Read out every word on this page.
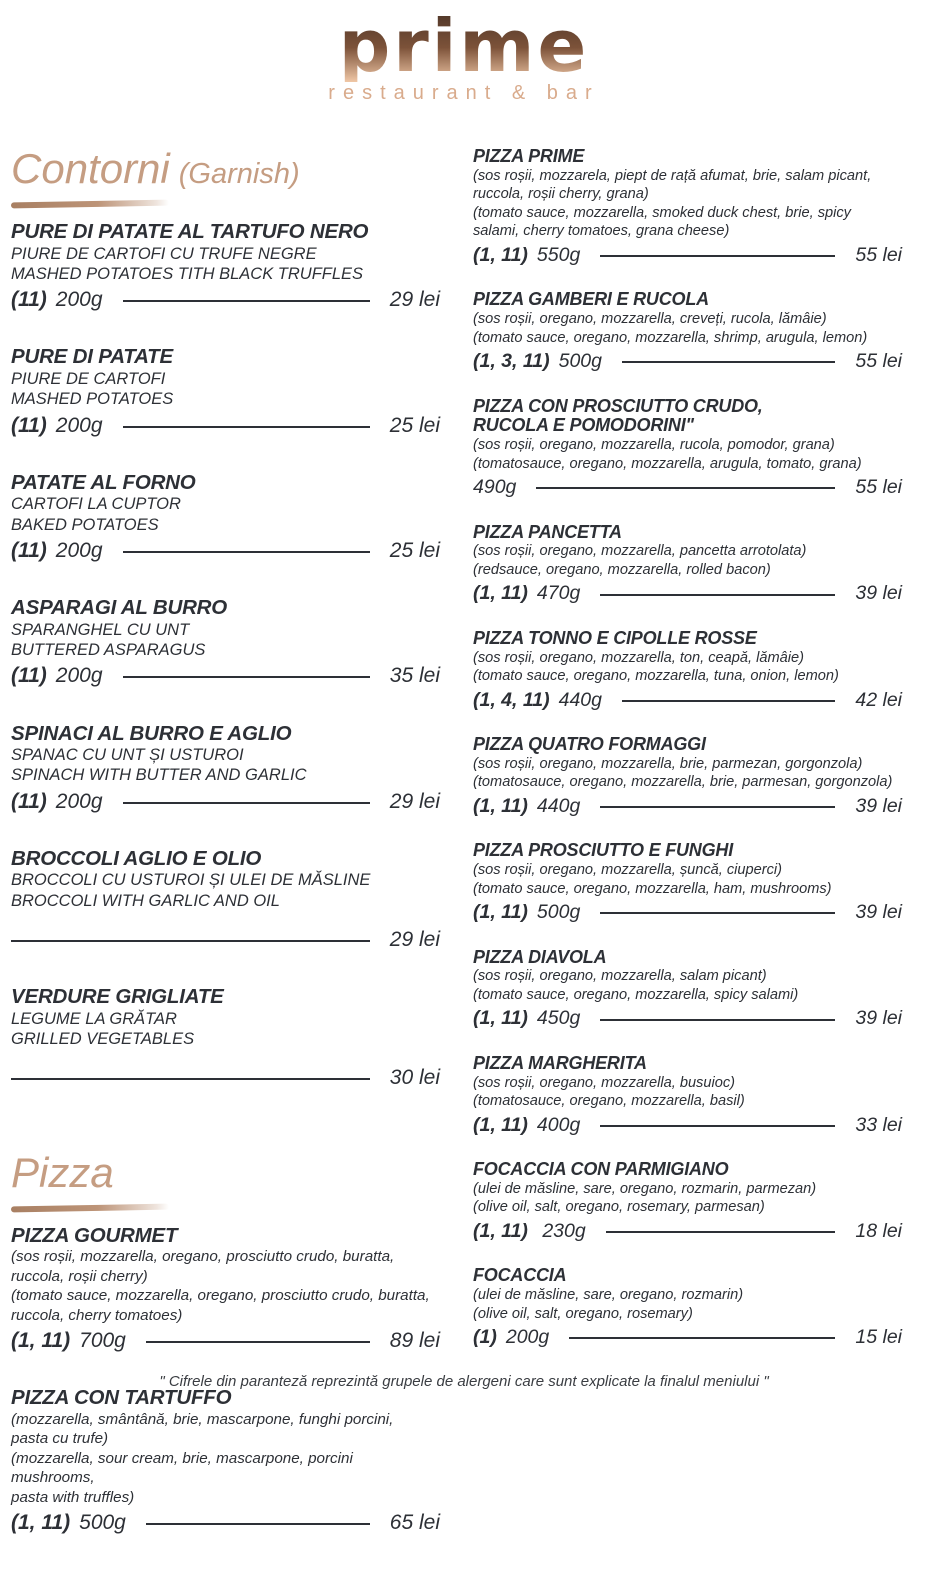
prime
restaurant & bar
Contorni (Garnish)
PURE DI PATATE AL TARTUFO NERO
PIURE DE CARTOFI CU TRUFE NEGRE
MASHED POTATOES TITH BLACK TRUFFLES
(11) 200g	29 lei
PURE DI PATATE
PIURE DE CARTOFI
MASHED POTATOES
(11) 200g	25 lei
PATATE AL FORNO
CARTOFI LA CUPTOR
BAKED POTATOES
(11) 200g	25 lei
ASPARAGI AL BURRO
SPARANGHEL CU UNT
BUTTERED ASPARAGUS
(11) 200g	35 lei
SPINACI AL BURRO E AGLIO
SPANAC CU UNT ȘI USTUROI
SPINACH WITH BUTTER AND GARLIC
(11) 200g	29 lei
BROCCOLI AGLIO E OLIO
BROCCOLI CU USTUROI ȘI ULEI DE MĂSLINE
BROCCOLI WITH GARLIC AND OIL
29 lei
VERDURE GRIGLIATE
LEGUME LA GRĂTAR
GRILLED VEGETABLES
30 lei
Pizza
PIZZA GOURMET
(sos roșii, mozzarella, oregano, prosciutto crudo, buratta,
ruccola, roșii cherry)
(tomato sauce, mozzarella, oregano, prosciutto crudo, buratta,
ruccola, cherry tomatoes)
(1, 11) 700g	89 lei
PIZZA CON TARTUFFO
(mozzarella, smântână, brie, mascarpone, funghi porcini,
pasta cu trufe)
(mozzarella, sour cream, brie, mascarpone, porcini mushrooms,
pasta with truffles)
(1, 11) 500g	65 lei
PIZZA PRIME
(sos roșii, mozzarela, piept de rață afumat, brie, salam picant,
ruccola, roșii cherry, grana)
(tomato sauce, mozzarella, smoked duck chest, brie, spicy
salami, cherry tomatoes, grana cheese)
(1, 11) 550g	55 lei
PIZZA GAMBERI E RUCOLA
(sos roșii, oregano, mozzarella, creveți, rucola, lămâie)
(tomato sauce, oregano, mozzarella, shrimp, arugula, lemon)
(1, 3, 11) 500g	55 lei
PIZZA CON PROSCIUTTO CRUDO,
RUCOLA E POMODORINI"
(sos roșii, oregano, mozzarella, rucola, pomodor, grana)
(tomatosauce, oregano, mozzarella, arugula, tomato, grana)
490g	55 lei
PIZZA PANCETTA
(sos roșii, oregano, mozzarella, pancetta arrotolata)
(redsauce, oregano, mozzarella, rolled bacon)
(1, 11) 470g	39 lei
PIZZA TONNO E CIPOLLE ROSSE
(sos roșii, oregano, mozzarella, ton, ceapă, lămâie)
(tomato sauce, oregano, mozzarella, tuna, onion, lemon)
(1, 4, 11) 440g	42 lei
PIZZA QUATRO FORMAGGI
(sos roșii, oregano, mozzarella, brie, parmezan, gorgonzola)
(tomatosauce, oregano, mozzarella, brie, parmesan, gorgonzola)
(1, 11) 440g	39 lei
PIZZA PROSCIUTTO E FUNGHI
(sos roșii, oregano, mozzarella, șuncă, ciuperci)
(tomato sauce, oregano, mozzarella, ham, mushrooms)
(1, 11) 500g	39 lei
PIZZA DIAVOLA
(sos roșii, oregano, mozzarella, salam picant)
(tomato sauce, oregano, mozzarella, spicy salami)
(1, 11) 450g	39 lei
PIZZA MARGHERITA
(sos roșii, oregano, mozzarella, busuioc)
(tomatosauce, oregano, mozzarella, basil)
(1, 11) 400g	33 lei
FOCACCIA CON PARMIGIANO
(ulei de măsline, sare, oregano, rozmarin, parmezan)
(olive oil, salt, oregano, rosemary, parmesan)
(1, 11) 230g	18 lei
FOCACCIA
(ulei de măsline, sare, oregano, rozmarin)
(olive oil, salt, oregano, rosemary)
(1) 200g	15 lei
" Cifrele din paranteză reprezintă grupele de alergeni care sunt explicate la finalul meniului "
